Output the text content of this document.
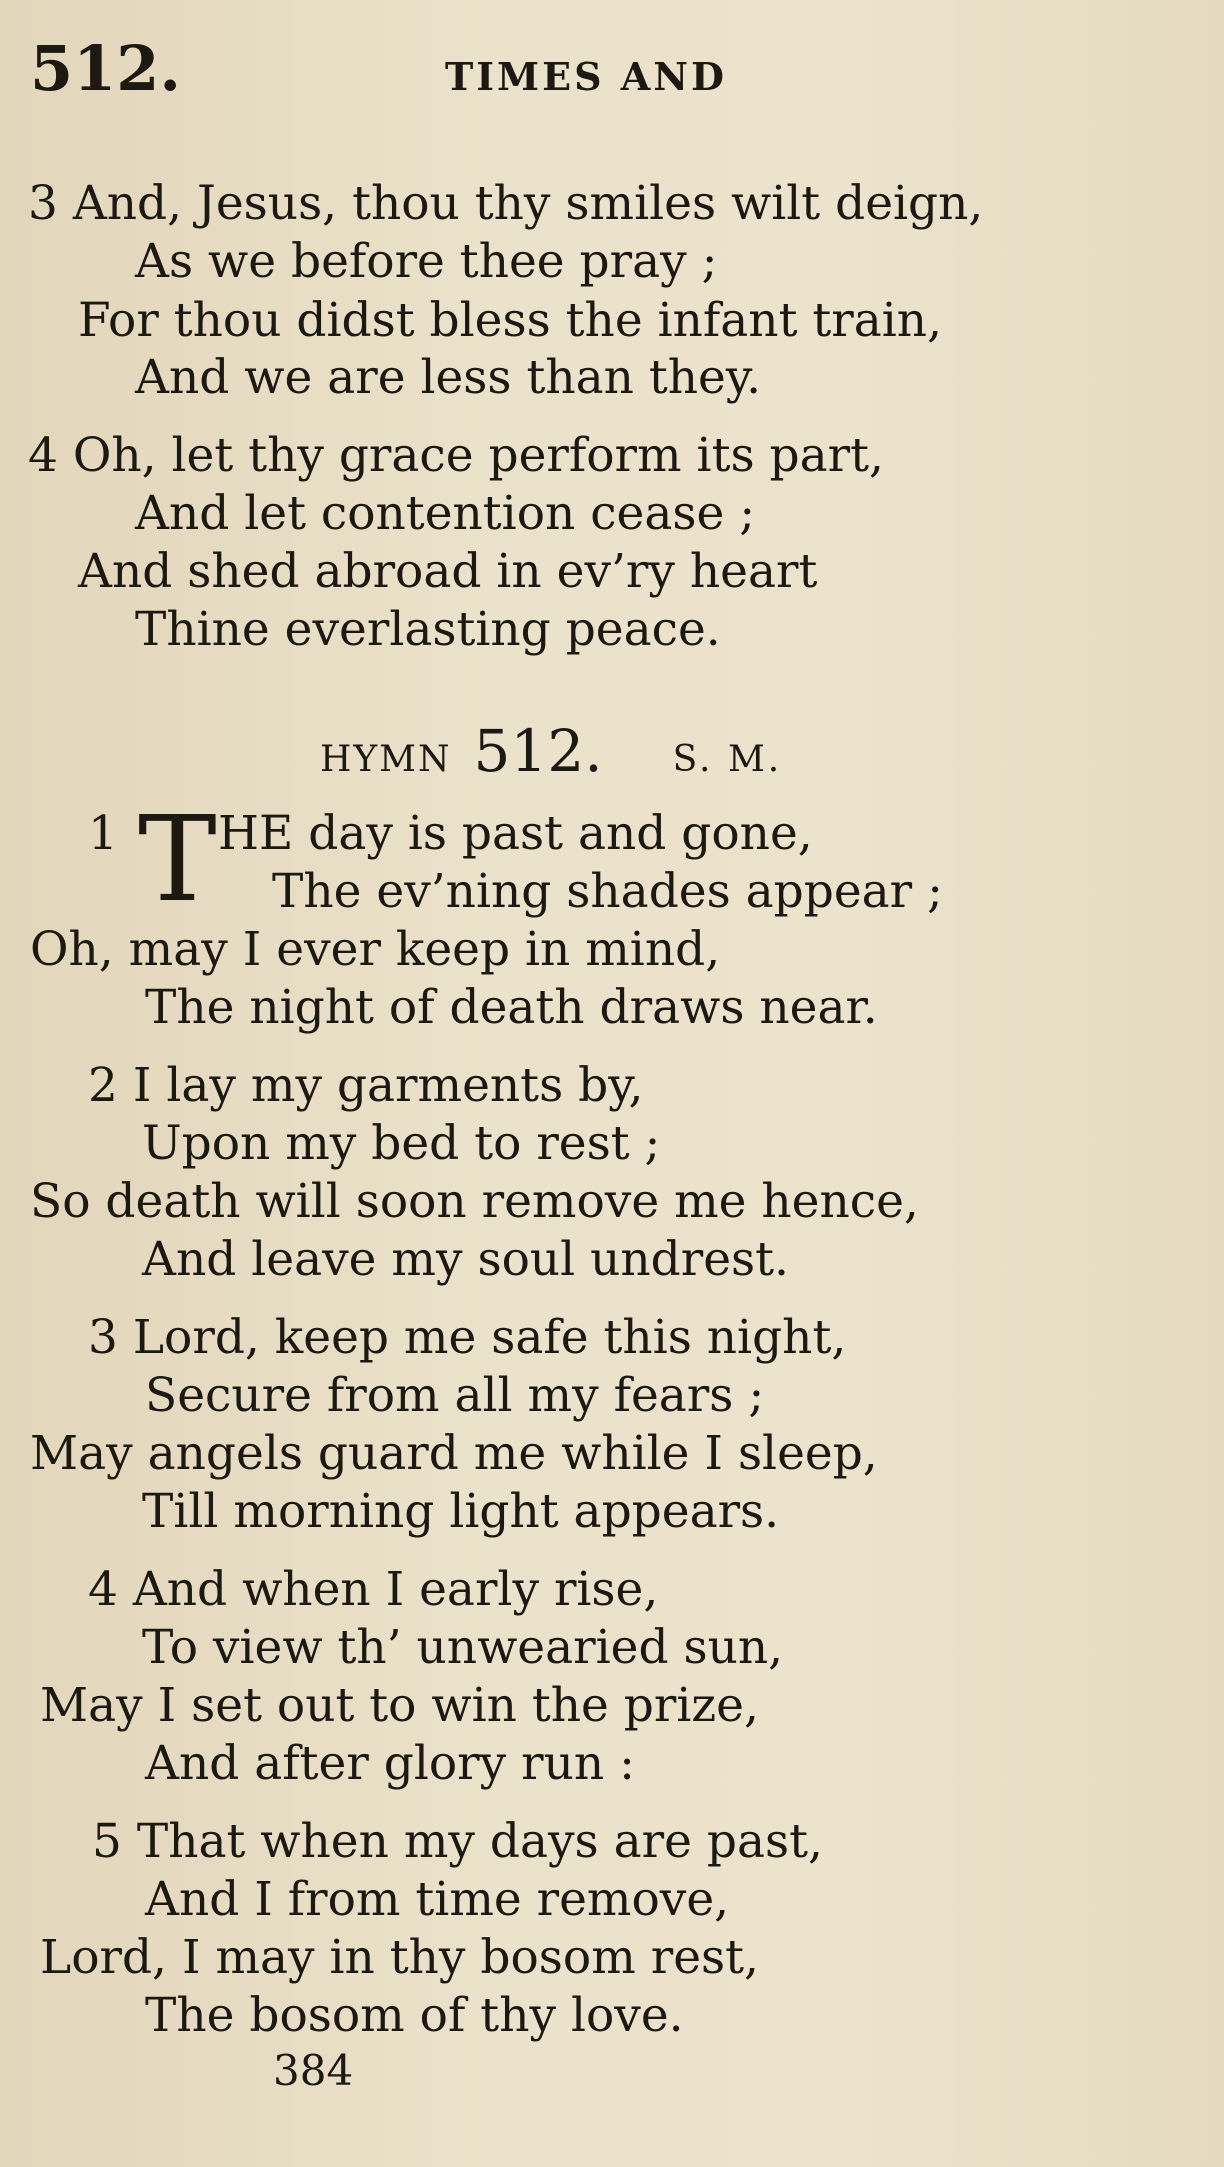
512.	TIMES AND
3 And, Jesus, thou thy smiles wilt deign,
As we before thee pray ;
For thou didst bless the infant train,
And we are less than they.
4 Oh, let thy grace perform its part,
And let contention cease ;
And shed abroad in ev’ry heart
Thine everlasting peace.
HYMN 512. S. M.
1 T HE day is past and gone,
The ev’ning shades appear ;
Oh, may I ever keep in mind,
The night of death draws near.
2 I lay my garments by,
Upon my bed to rest ;
So death will soon remove me hence,
And leave my soul undrest.
3 Lord, keep me safe this night,
Secure from all my fears ;
May angels guard me while I sleep,
Till morning light appears.
4 And when I early rise,
To view th’ unwearied sun,
May I set out to win the prize,
And after glory run :
5 That when my days are past,
And I from time remove,
Lord, I may in thy bosom rest,
The bosom of thy love.
384
